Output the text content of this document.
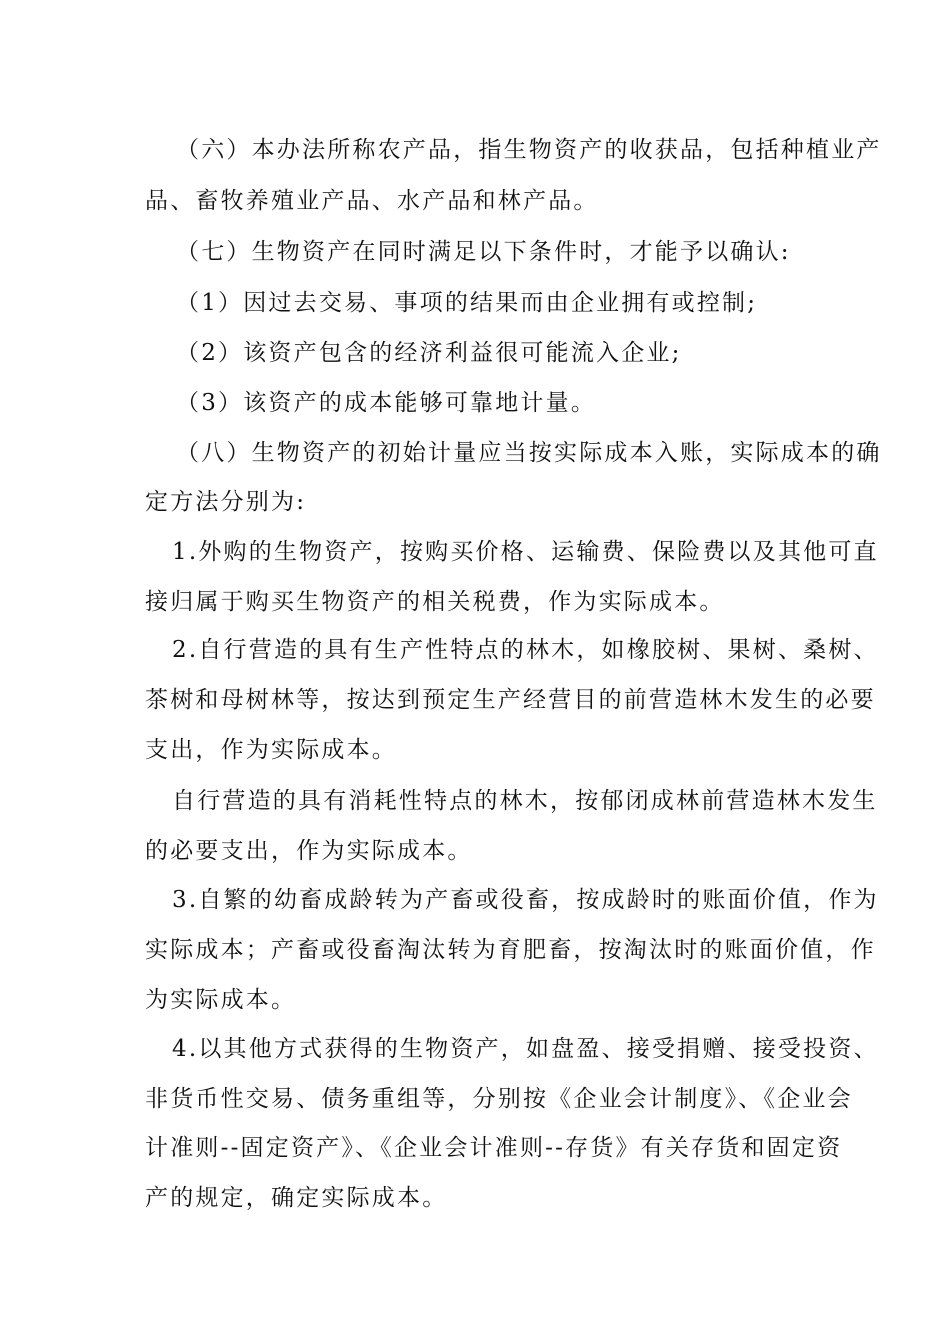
（六）本办法所称农产品，指生物资产的收获品，包括种植业产
品、畜牧养殖业产品、水产品和林产品。
（七）生物资产在同时满足以下条件时，才能予以确认:
（1）因过去交易、事项的结果而由企业拥有或控制;
（2）该资产包含的经济利益很可能流入企业;
（3）该资产的成本能够可靠地计量。
（八）生物资产的初始计量应当按实际成本入账，实际成本的确
定方法分别为:
1.外购的生物资产，按购买价格、运输费、保险费以及其他可直
接归属于购买生物资产的相关税费，作为实际成本。
2.自行营造的具有生产性特点的林木，如橡胶树、果树、桑树、
茶树和母树林等，按达到预定生产经营目的前营造林木发生的必要
支出，作为实际成本。
自行营造的具有消耗性特点的林木，按郁闭成林前营造林木发生
的必要支出，作为实际成本。
3.自繁的幼畜成龄转为产畜或役畜，按成龄时的账面价值，作为
实际成本；产畜或役畜淘汰转为育肥畜，按淘汰时的账面价值，作
为实际成本。
4.以其他方式获得的生物资产，如盘盈、接受捐赠、接受投资、
非货币性交易、债务重组等，分别按《企业会计制度》、《企业会
计准则--固定资产》、《企业会计准则--存货》有关存货和固定资
产的规定，确定实际成本。
